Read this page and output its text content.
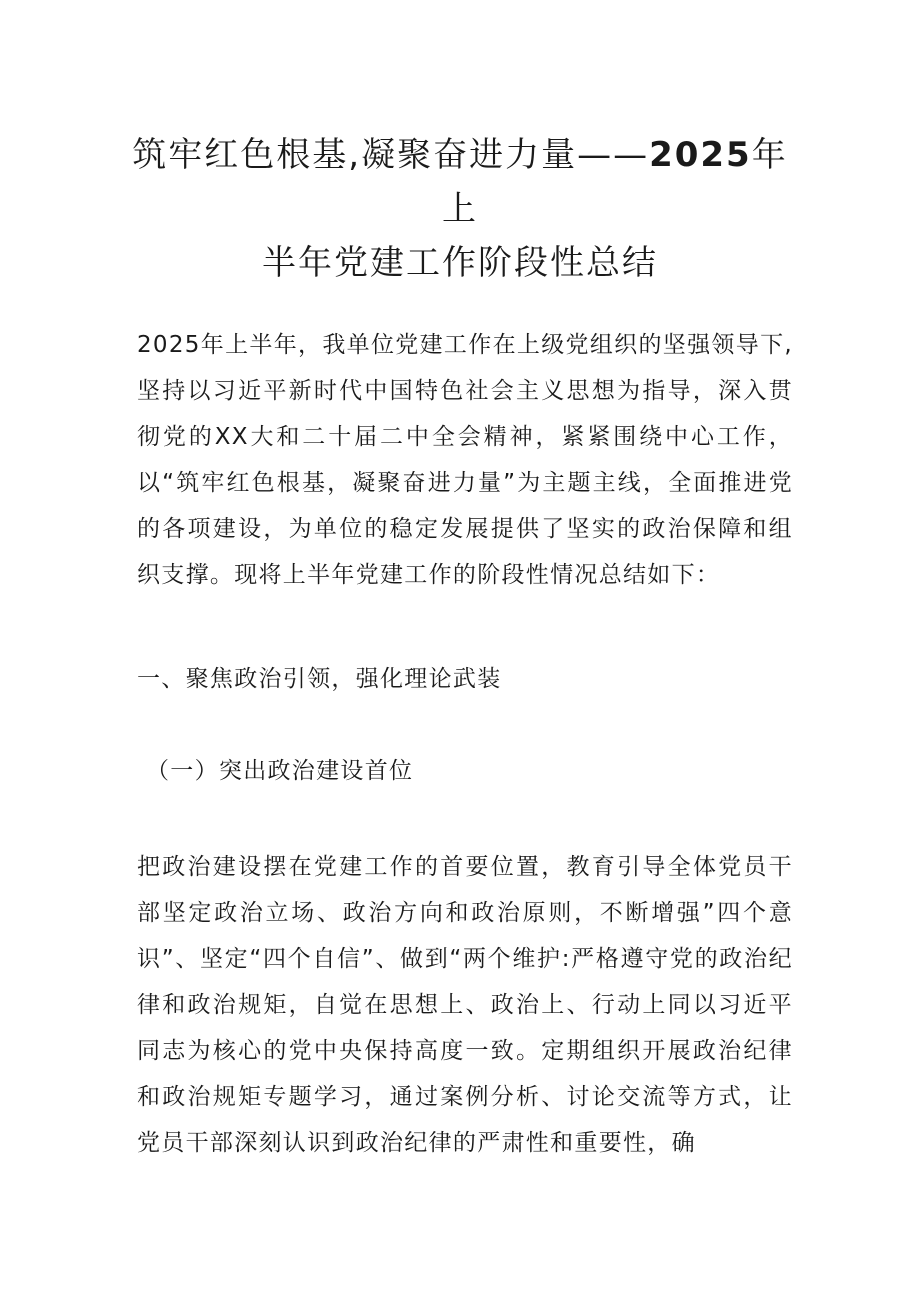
筑牢红色根基,凝聚奋进力量——2025年上
半年党建工作阶段性总结

2025年上半年，我单位党建工作在上级党组织的坚强领导下,坚持以习近平新时代中国特色社会主义思想为指导，深入贯彻党的XX大和二十届二中全会精神，紧紧围绕中心工作，以“筑牢红色根基，凝聚奋进力量”为主题主线，全面推进党的各项建设，为单位的稳定发展提供了坚实的政治保障和组织支撑。现将上半年党建工作的阶段性情况总结如下：

一、聚焦政治引领，强化理论武装

（一）突出政治建设首位

把政治建设摆在党建工作的首要位置，教育引导全体党员干部坚定政治立场、政治方向和政治原则，不断增强”四个意识”、坚定“四个自信”、做到“两个维护:严格遵守党的政治纪律和政治规矩，自觉在思想上、政治上、行动上同以习近平同志为核心的党中央保持高度一致。定期组织开展政治纪律和政治规矩专题学习，通过案例分析、讨论交流等方式，让党员干部深刻认识到政治纪律的严肃性和重要性，确
